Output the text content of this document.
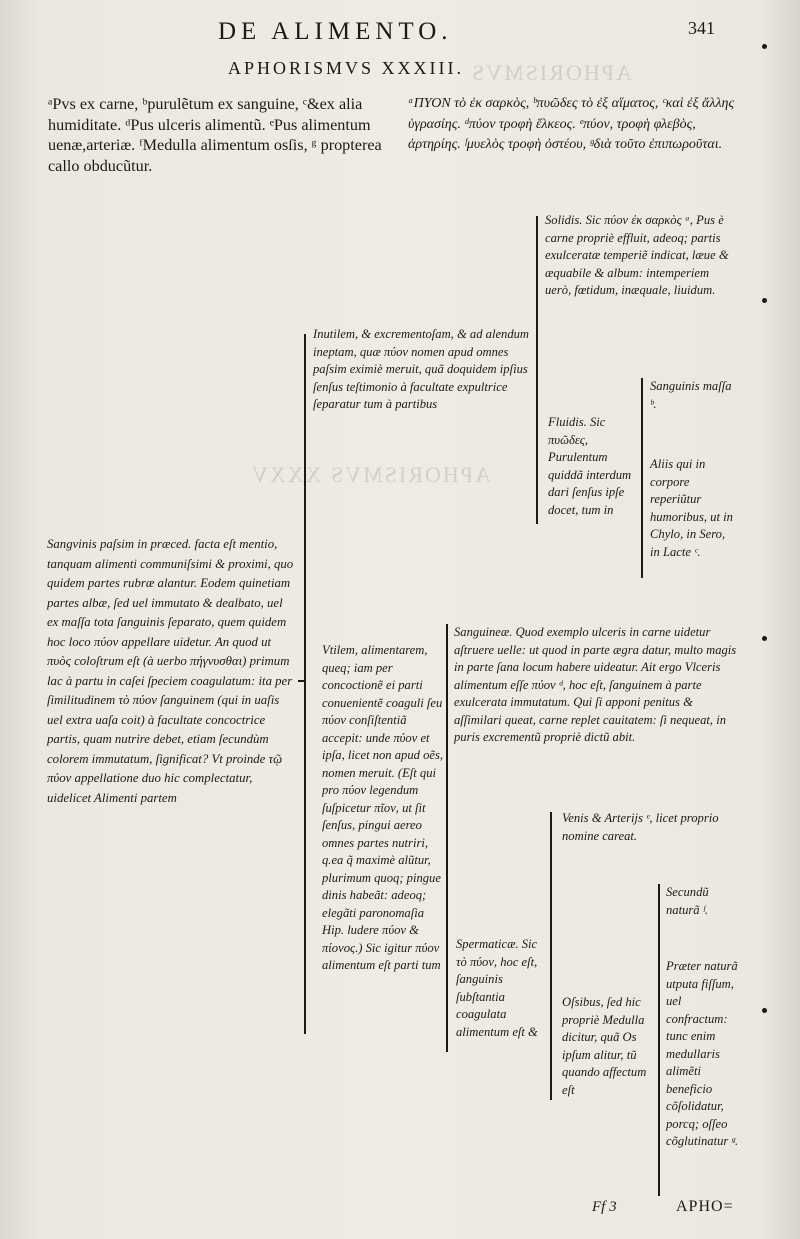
APHORISMVS
APHORISMVS XXXV
DE ALIMENTO.	341
APHORISMVS XXXIII.
ᵃPvs ex carne, ᵇpurulẽtum ex sanguine, ᶜ&ex alia humiditate. ᵈPus ulceris alimentũ. ᵉPus alimentum uenæ,arteriæ. ᶠMedulla alimentum osſis, ᵍ propterea callo obducũtur.
ᵃΠΥΟΝ τὸ ἐκ σαρκὸς, ᵇπυῶδες τὸ ἐξ αἵματος, ᶜκαὶ ἐξ ἄλλης ὑγρασίης. ᵈπύον τροφὴ ἕλκεος. ᵉπύον, τροφὴ φλεβὸς, ἀρτηρίης. ᶠμυελὸς τροφὴ ὀστέου, ᵍδιὰ τοῦτο ἐπιπωροῦται.
Sangvinis paſsim in præced. facta eſt mentio, tanquam alimenti communiſsimi & proximi, quo quidem partes rubræ alantur. Eodem quinetiam partes albæ, ſed uel immutato & dealbato, uel ex maſſa tota ſanguinis ſeparato, quem quidem hoc loco πύον appellare uidetur. An quod ut πυὸς coloſtrum eſt (à uerbo πήγνυσθαι) primum lac à partu in caſei ſpeciem coagulatum: ita per ſimilitudinem τὸ πύον ſanguinem (qui in uaſis uel extra uaſa coit) à facultate concoctrice partis, quam nutrire debet, etiam ſecundùm colorem immutatum, ſignificat? Vt proinde τῷ πύον appellatione duo hic complectatur, uidelicet Alimenti partem
Inutilem, & excrementoſam, & ad alendum ineptam, quæ πύον nomen apud omnes paſsim eximiè meruit, quã doquidem ipſius ſenſus teſtimonio à facultate expultrice ſeparatur tum à partibus
Solidis. Sic πύον ἐκ σαρκὸς ᵃ, Pus è carne propriè effluit, adeoq; partis exulceratæ temperiẽ indicat, læue & æquabile & album: intemperiem uerò, fœtidum, inæquale, liuidum.
Fluidis. Sic πυῶδες, Purulentum quiddã interdum dari ſenſus ipſe docet, tum in
Sanguinis maſſa ᵇ.
Aliis qui in corpore reperiũtur humoribus, ut in Chylo, in Sero, in Lacte ᶜ.
Vtilem, alimentarem, queq; iam per concoctionẽ ei parti conuenientẽ coaguli ſeu πύον conſiſtentiã accepit: unde πύον et ipſa, licet non apud oẽs, nomen meruit. (Eſt qui pro πύον legendum ſuſpicetur πῖον, ut ſit ſenſus, pingui aereo omnes partes nutriri, q.ea q̃ maximè alũtur, plurimum quoq; pingue dinis habeãt: adeoq; elegãti paronomaſia Hip. ludere πύον & πίονος.) Sic igitur πύον alimentum eſt parti tum
Sanguineæ. Quod exemplo ulceris in carne uidetur aſtruere uelle: ut quod in parte ægra datur, multo magis in parte ſana locum habere uideatur. Ait ergo Vlceris alimentum eſſe πύον ᵈ, hoc eſt, ſanguinem à parte exulcerata immutatum. Qui ſi apponi penitus & aſſimilari queat, carne replet cauitatem: ſi nequeat, in puris excrementũ propriè dictũ abit.
Spermaticæ. Sic τὸ πύον, hoc eſt, ſanguinis ſubſtantia coagulata alimentum eſt &
Venis & Arterijs ᵉ, licet proprio nomine careat.
Oſsibus, ſed hic propriè Medulla dicitur, quã Os ipſum alitur, tũ quando affectum eſt
Secundũ naturã ᶠ.
Præter naturã utputa fiſſum, uel confractum: tunc enim medullaris alimẽti beneficio cõſolidatur, porcq; oſſeo cõglutinatur ᵍ.
Ff 3	APHO=
